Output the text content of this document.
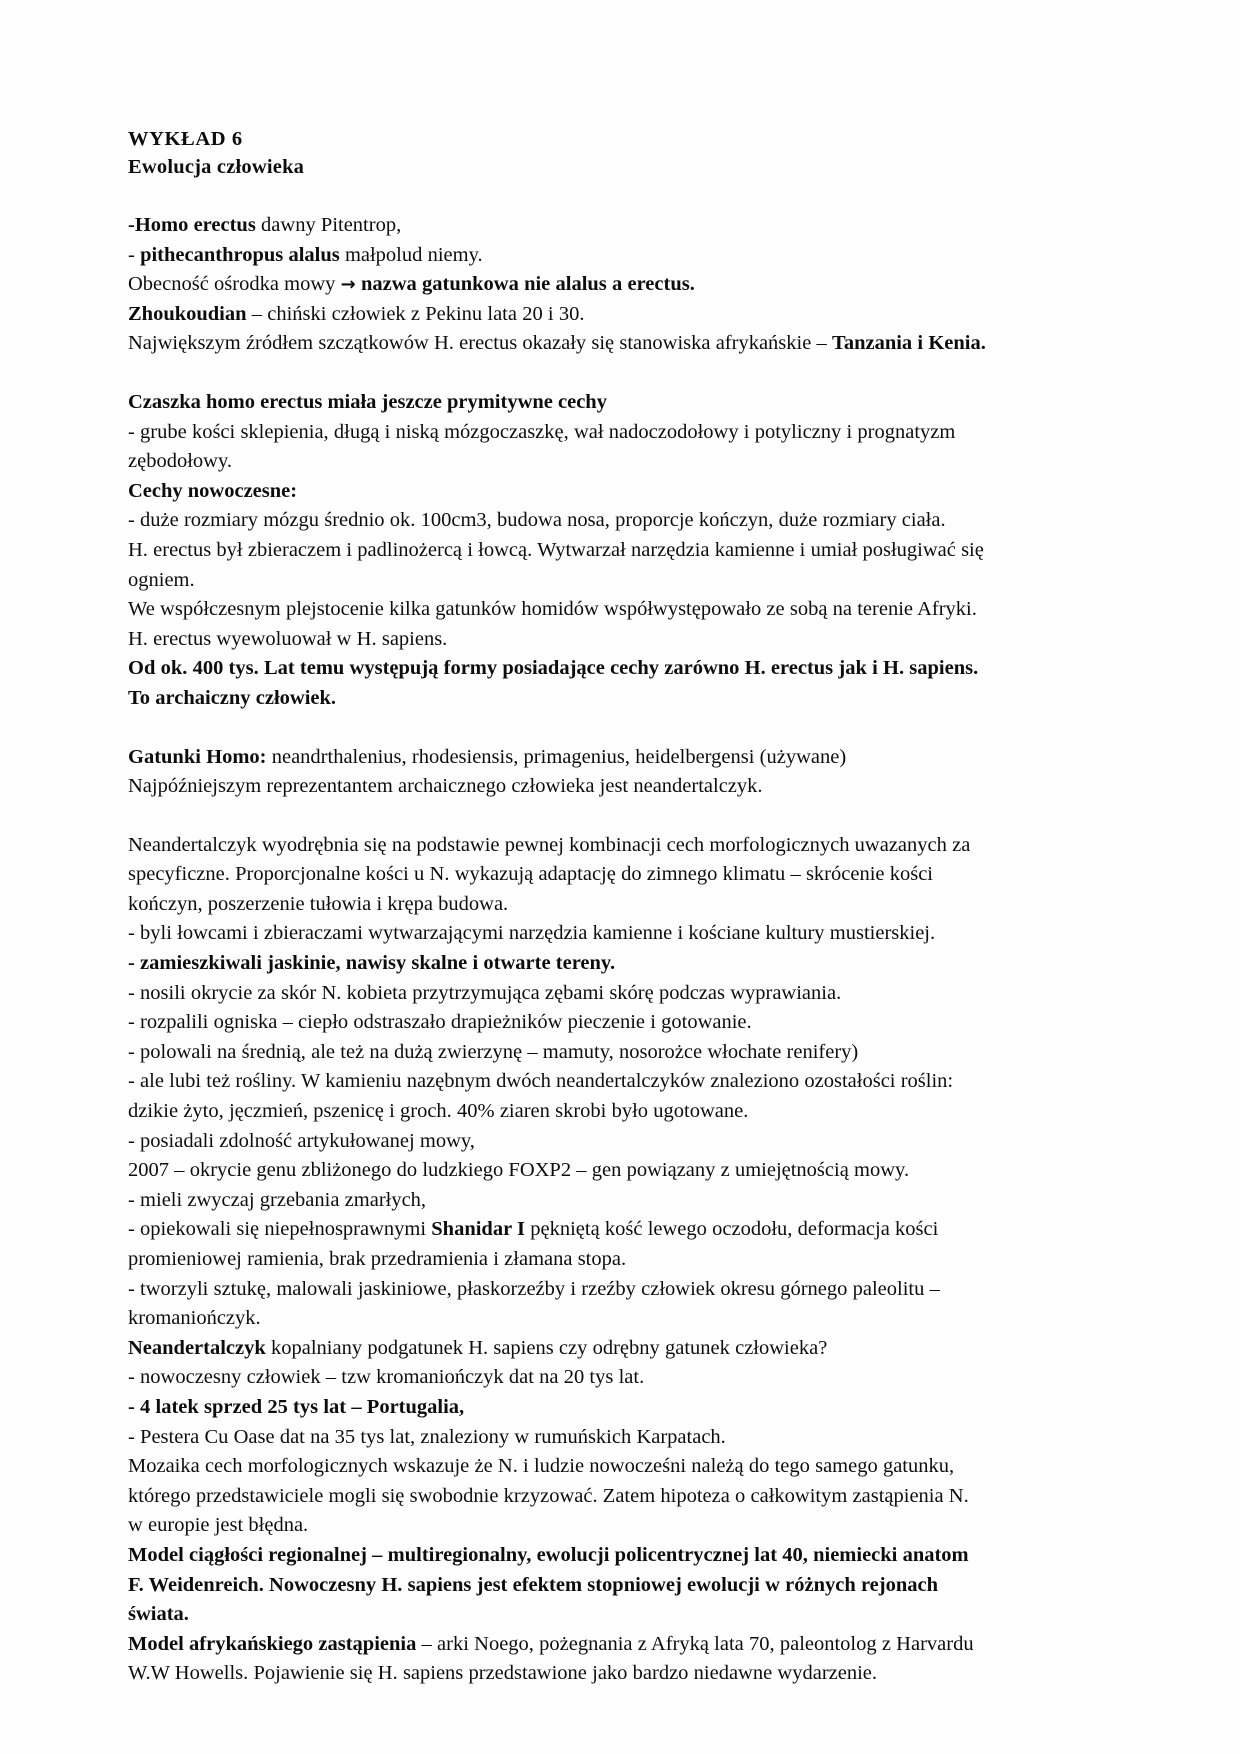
WYKŁAD 6
Ewolucja człowieka

-Homo erectus dawny Pitentrop,
- pithecanthropus alalus małpolud niemy.
Obecność ośrodka mowy → nazwa gatunkowa nie alalus a erectus.
Zhoukoudian – chiński człowiek z Pekinu lata 20 i 30.
Największym źródłem szczątkowów H. erectus okazały się stanowiska afrykańskie – Tanzania i Kenia.

Czaszka homo erectus miała jeszcze prymitywne cechy

- grube kości sklepienia, długą i niską mózgoczaszkę, wał nadoczodołowy i potyliczny i prognatyzm zębodołowy.

Cechy nowoczesne:

- duże rozmiary mózgu średnio ok. 100cm3, budowa nosa, proporcje kończyn, duże rozmiary ciała.

H. erectus był zbieraczem i padlinożercą i łowcą. Wytwarzał narzędzia kamienne i umiał posługiwać się ogniem.

We współczesnym plejstocenie kilka gatunków homidów współwystępowało ze sobą na terenie Afryki. H. erectus wyewoluował w H. sapiens.

Od ok. 400 tys. Lat temu występują formy posiadające cechy zarówno H. erectus jak i H. sapiens. To archaiczny człowiek.

Gatunki Homo: neandrthalenius, rhodesiensis, primagenius, heidelbergensi (używane)

Najpóźniejszym reprezentantem archaicznego człowieka jest neandertalczyk.

Neandertalczyk wyodrębnia się na podstawie pewnej kombinacji cech morfologicznych uwazanych za specyficzne. Proporcjonalne kości u N. wykazują adaptację do zimnego klimatu – skrócenie kości kończyn, poszerzenie tułowia i krępa budowa.

- byli łowcami i zbieraczami wytwarzającymi narzędzia kamienne i kościane kultury mustierskiej.

- zamieszkiwali jaskinie, nawisy skalne i otwarte tereny.

- nosili okrycie za skór N. kobieta przytrzymująca zębami skórę podczas wyprawiania.

- rozpalili ogniska – ciepło odstraszało drapieżników pieczenie i gotowanie.

- polowali na średnią, ale też na dużą zwierzynę – mamuty, nosorożce włochate renifery)

- ale lubi też rośliny. W kamieniu nazębnym dwóch neandertalczyków znaleziono ozostałości roślin: dzikie żyto, jęczmień, pszenicę i groch. 40% ziaren skrobi było ugotowane.

- posiadali zdolność artykułowanej mowy,

2007 – okrycie genu zbliżonego do ludzkiego FOXP2 – gen powiązany z umiejętnością mowy.

- mieli zwyczaj grzebania zmarłych,

- opiekowali się niepełnosprawnymi Shanidar I pękniętą kość lewego oczodołu, deformacja kości promieniowej ramienia, brak przedramienia i złamana stopa.

- tworzyli sztukę, malowali jaskiniowe, płaskorzeźby i rzeźby człowiek okresu górnego paleolitu – kromaniończyk.

Neandertalczyk kopalniany podgatunek H. sapiens czy odrębny gatunek człowieka?

- nowoczesny człowiek – tzw kromaniończyk dat na 20 tys lat.

- 4 latek sprzed 25 tys lat – Portugalia,

- Pestera Cu Oase dat na 35 tys lat, znaleziony w rumuńskich Karpatach.

Mozaika cech morfologicznych wskazuje że N. i ludzie nowocześni należą do tego samego gatunku, którego przedstawiciele mogli się swobodnie krzyzować. Zatem hipoteza o całkowitym zastąpienia N. w europie jest błędna.

Model ciągłości regionalnej – multiregionalny, ewolucji policentrycznej lat 40, niemiecki anatom F. Weidenreich. Nowoczesny H. sapiens jest efektem stopniowej ewolucji w różnych rejonach świata.

Model afrykańskiego zastąpienia – arki Noego, pożegnania z Afryką lata 70, paleontolog z Harvardu W.W Howells. Pojawienie się H. sapiens przedstawione jako bardzo niedawne wydarzenie.
